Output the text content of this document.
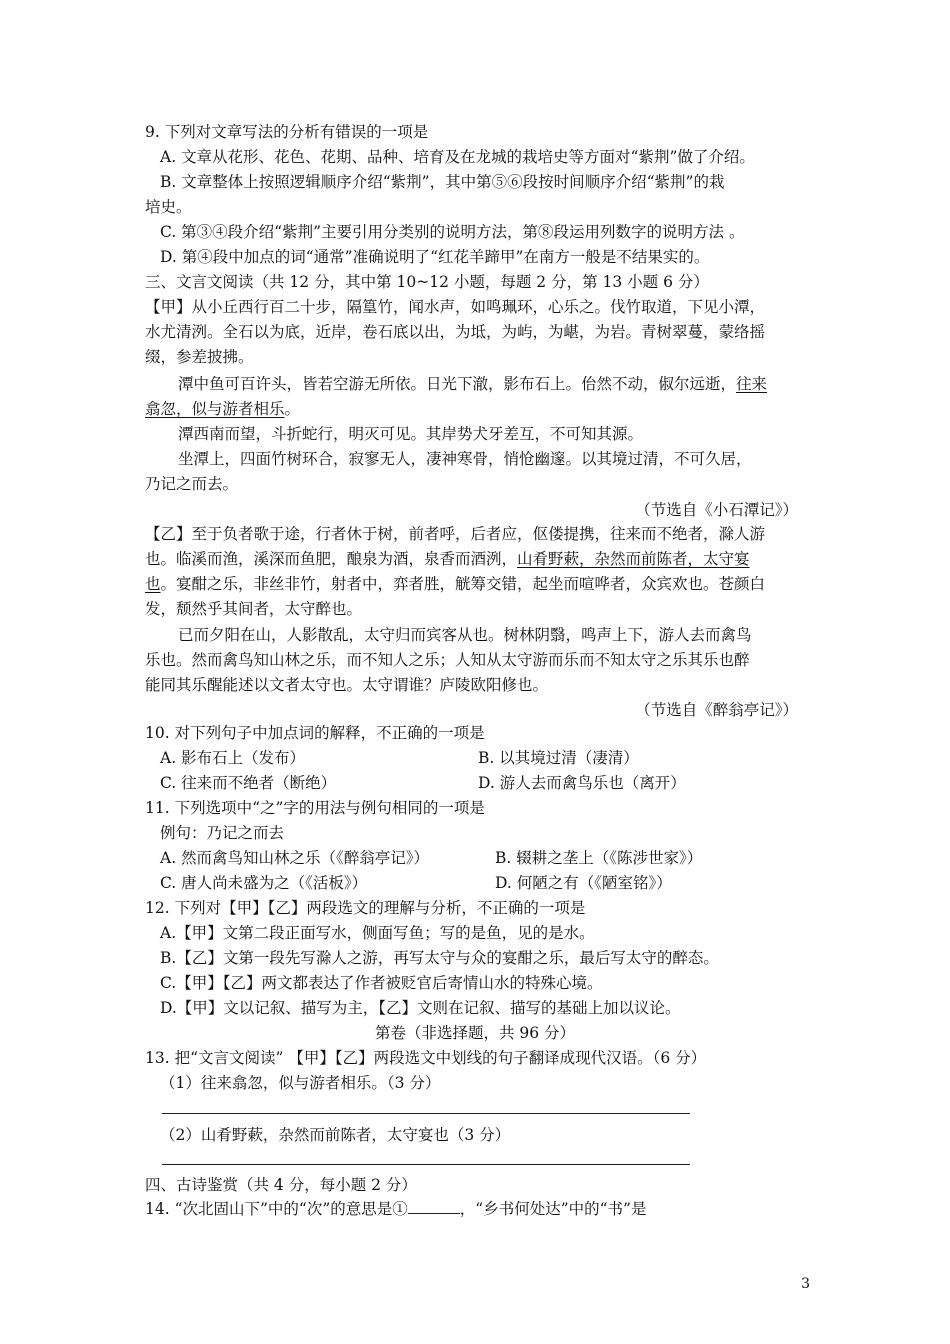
9. 下列对文章写法的分析有错误的一项是
A. 文章从花形、花色、花期、品种、培育及在龙城的栽培史等方面对“紫荆”做了介绍。
B. 文章整体上按照逻辑顺序介绍“紫荆”，其中第⑤⑥段按时间顺序介绍“紫荆”的栽
培史。
C. 第③④段介绍“紫荆”主要引用分类别的说明方法，第⑧段运用列数字的说明方法 。
D. 第④段中加点的词“通常”准确说明了“红花羊蹄甲”在南方一般是不结果实的。
三、文言文阅读（共 12 分，其中第 10~12 小题，每题 2 分，第 13 小题 6 分）
【甲】从小丘西行百二十步，隔篁竹，闻水声，如鸣珮环，心乐之。伐竹取道，下见小潭，
水尤清洌。全石以为底，近岸，卷石底以出，为坻，为屿，为嵁，为岩。青树翠蔓，蒙络摇
缀，参差披拂。
潭中鱼可百许头，皆若空游无所依。日光下澈，影布石上。佁然不动，俶尔远逝，往来
翕忽，似与游者相乐。
潭西南而望，斗折蛇行，明灭可见。其岸势犬牙差互，不可知其源。
坐潭上，四面竹树环合，寂寥无人，凄神寒骨，悄怆幽邃。以其境过清，不可久居，
乃记之而去。
（节选自《小石潭记》）
【乙】至于负者歌于途，行者休于树，前者呼，后者应，伛偻提携，往来而不绝者，滁人游
也。临溪而渔，溪深而鱼肥，酿泉为酒，泉香而酒洌，山肴野蔌，杂然而前陈者，太守宴
也。宴酣之乐，非丝非竹，射者中，弈者胜，觥筹交错，起坐而喧哗者，众宾欢也。苍颜白
发，颓然乎其间者，太守醉也。
已而夕阳在山，人影散乱，太守归而宾客从也。树林阴翳，鸣声上下，游人去而禽鸟
乐也。然而禽鸟知山林之乐，而不知人之乐；人知从太守游而乐而不知太守之乐其乐也醉
能同其乐醒能述以文者太守也。太守谓谁？庐陵欧阳修也。
（节选自《醉翁亭记》）
10. 对下列句子中加点词的解释，不正确的一项是
A. 影布石上（发布）	B. 以其境过清（凄清）
C. 往来而不绝者（断绝）	D. 游人去而禽鸟乐也（离开）
11. 下列选项中“之”字的用法与例句相同的一项是
例句：乃记之而去
A. 然而禽鸟知山林之乐（《醉翁亭记》）	B. 辍耕之垄上（《陈涉世家》）
C. 唐人尚未盛为之（《活板》）	D. 何陋之有（《陋室铭》）
12. 下列对【甲】【乙】两段选文的理解与分析，不正确的一项是
A.【甲】文第二段正面写水，侧面写鱼；写的是鱼，见的是水。
B.【乙】文第一段先写滁人之游，再写太守与众的宴酣之乐，最后写太守的醉态。
C.【甲】【乙】两文都表达了作者被贬官后寄情山水的特殊心境。
D.【甲】文以记叙、描写为主，【乙】文则在记叙、描写的基础上加以议论。
第卷（非选择题，共 96 分）
13. 把“文言文阅读” 【甲】【乙】两段选文中划线的句子翻译成现代汉语。（6 分）
（1）往来翕忽，似与游者相乐。（3 分）
（2）山肴野蔌，杂然而前陈者，太守宴也（3 分）
四、古诗鉴赏（共 4 分，每小题 2 分）
14. “次北固山下”中的“次”的意思是①	，“乡书何处达”中的“书”是
3
